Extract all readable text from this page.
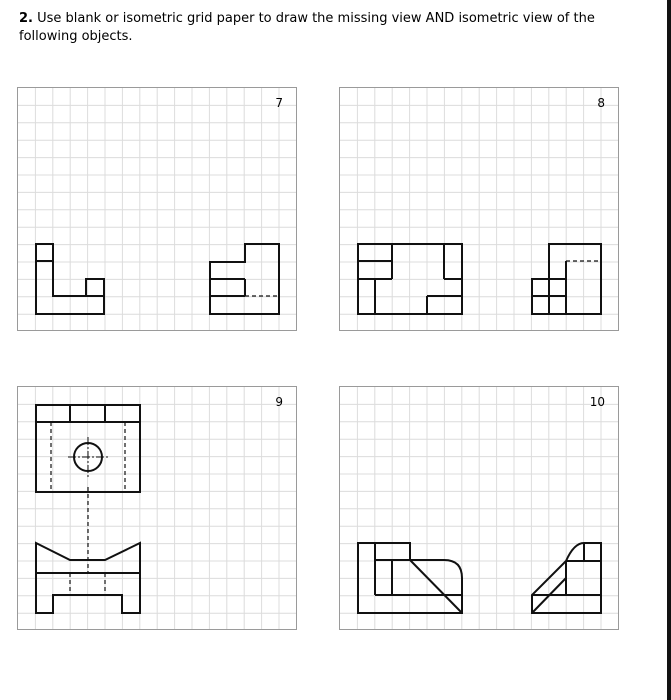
2. Use blank or isometric grid paper to draw the missing view AND isometric view of the following objects.
7	8
9	10
